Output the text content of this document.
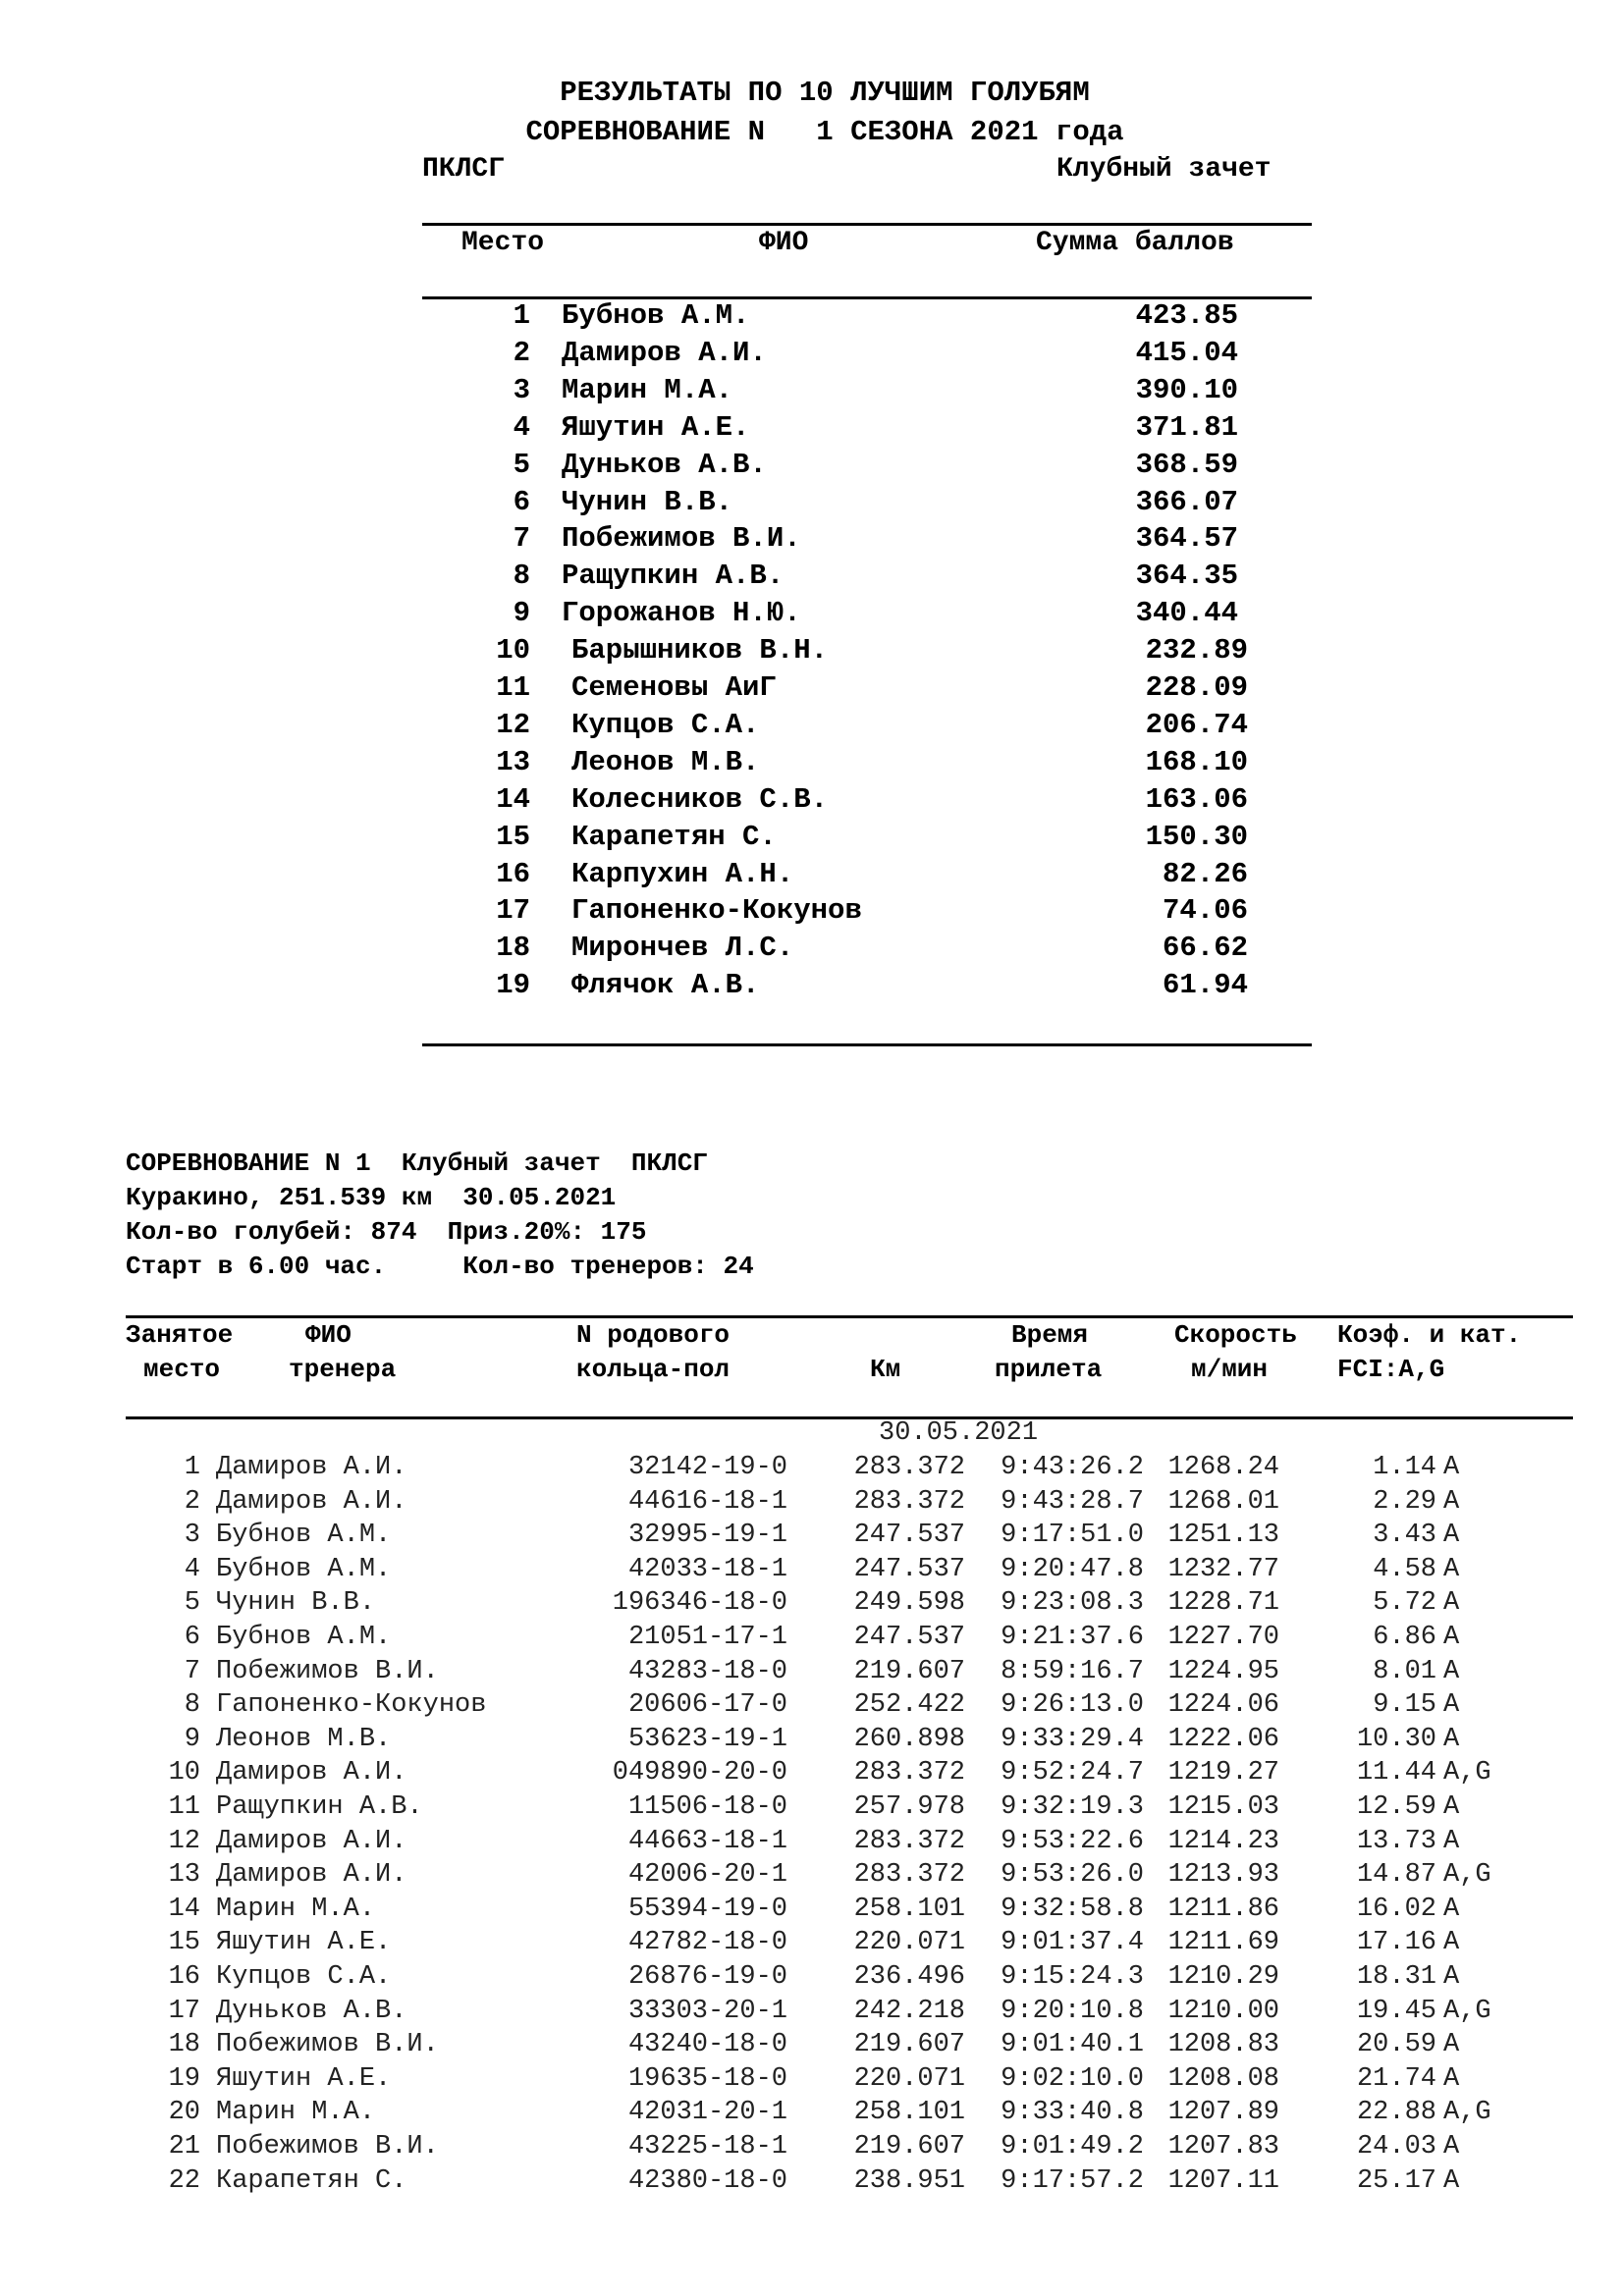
РЕЗУЛЬТАТЫ ПО 10 ЛУЧШИМ ГОЛУБЯМ
СОРЕВНОВАНИЕ N   1 СЕЗОНА 2021 года
ПКЛСГ	Клубный зачет
Место	ФИО	Сумма баллов
1 Бубнов А.М.	423.85
2 Дамиров А.И.	415.04
3 Марин М.А.	390.10
4 Яшутин А.Е.	371.81
5 Дуньков А.В.	368.59
6 Чунин В.В.	366.07
7 Побежимов В.И.	364.57
8 Ращупкин А.В.	364.35
9 Горожанов Н.Ю.	340.44
10 Барышников В.Н.	232.89
11 Семеновы АиГ	228.09
12 Купцов С.А.	206.74
13 Леонов М.В.	168.10
14 Колесников С.В.	163.06
15 Карапетян С.	150.30
16 Карпухин А.Н.	82.26
17 Гапоненко-Кокунов	74.06
18 Мирончев Л.С.	66.62
19 Флячок А.В.	61.94
СОРЕВНОВАНИЕ N 1  Клубный зачет  ПКЛСГ
Куракино, 251.539 км  30.05.2021
Кол-во голубей: 874  Приз.20%: 175
Старт в 6.00 час.     Кол-во тренеров: 24
Занятое
место
ФИО
тренера
N родового
кольца-пол	Км
Время
прилета
Скорость
м/мин
Коэф. и кат.
FCI:A,G
30.05.2021
1 Дамиров А.И.	32142-19-0	283.372	9:43:26.2 1268.24	1.14 A
2 Дамиров А.И.	44616-18-1	283.372	9:43:28.7 1268.01	2.29 A
3 Бубнов А.М.	32995-19-1	247.537	9:17:51.0 1251.13	3.43 A
4 Бубнов А.М.	42033-18-1	247.537	9:20:47.8 1232.77	4.58 A
5 Чунин В.В.	196346-18-0	249.598	9:23:08.3 1228.71	5.72 A
6 Бубнов А.М.	21051-17-1	247.537	9:21:37.6 1227.70	6.86 A
7 Побежимов В.И.	43283-18-0	219.607	8:59:16.7 1224.95	8.01 A
8 Гапоненко-Кокунов	20606-17-0	252.422	9:26:13.0 1224.06	9.15 A
9 Леонов М.В.	53623-19-1	260.898	9:33:29.4 1222.06	10.30 A
10 Дамиров А.И.	049890-20-0	283.372	9:52:24.7 1219.27	11.44 A,G
11 Ращупкин А.В.	11506-18-0	257.978	9:32:19.3 1215.03	12.59 A
12 Дамиров А.И.	44663-18-1	283.372	9:53:22.6 1214.23	13.73 A
13 Дамиров А.И.	42006-20-1	283.372	9:53:26.0 1213.93	14.87 A,G
14 Марин М.А.	55394-19-0	258.101	9:32:58.8 1211.86	16.02 A
15 Яшутин А.Е.	42782-18-0	220.071	9:01:37.4 1211.69	17.16 A
16 Купцов С.А.	26876-19-0	236.496	9:15:24.3 1210.29	18.31 A
17 Дуньков А.В.	33303-20-1	242.218	9:20:10.8 1210.00	19.45 A,G
18 Побежимов В.И.	43240-18-0	219.607	9:01:40.1 1208.83	20.59 A
19 Яшутин А.Е.	19635-18-0	220.071	9:02:10.0 1208.08	21.74 A
20 Марин М.А.	42031-20-1	258.101	9:33:40.8 1207.89	22.88 A,G
21 Побежимов В.И.	43225-18-1	219.607	9:01:49.2 1207.83	24.03 A
22 Карапетян С.	42380-18-0	238.951	9:17:57.2 1207.11	25.17 A
